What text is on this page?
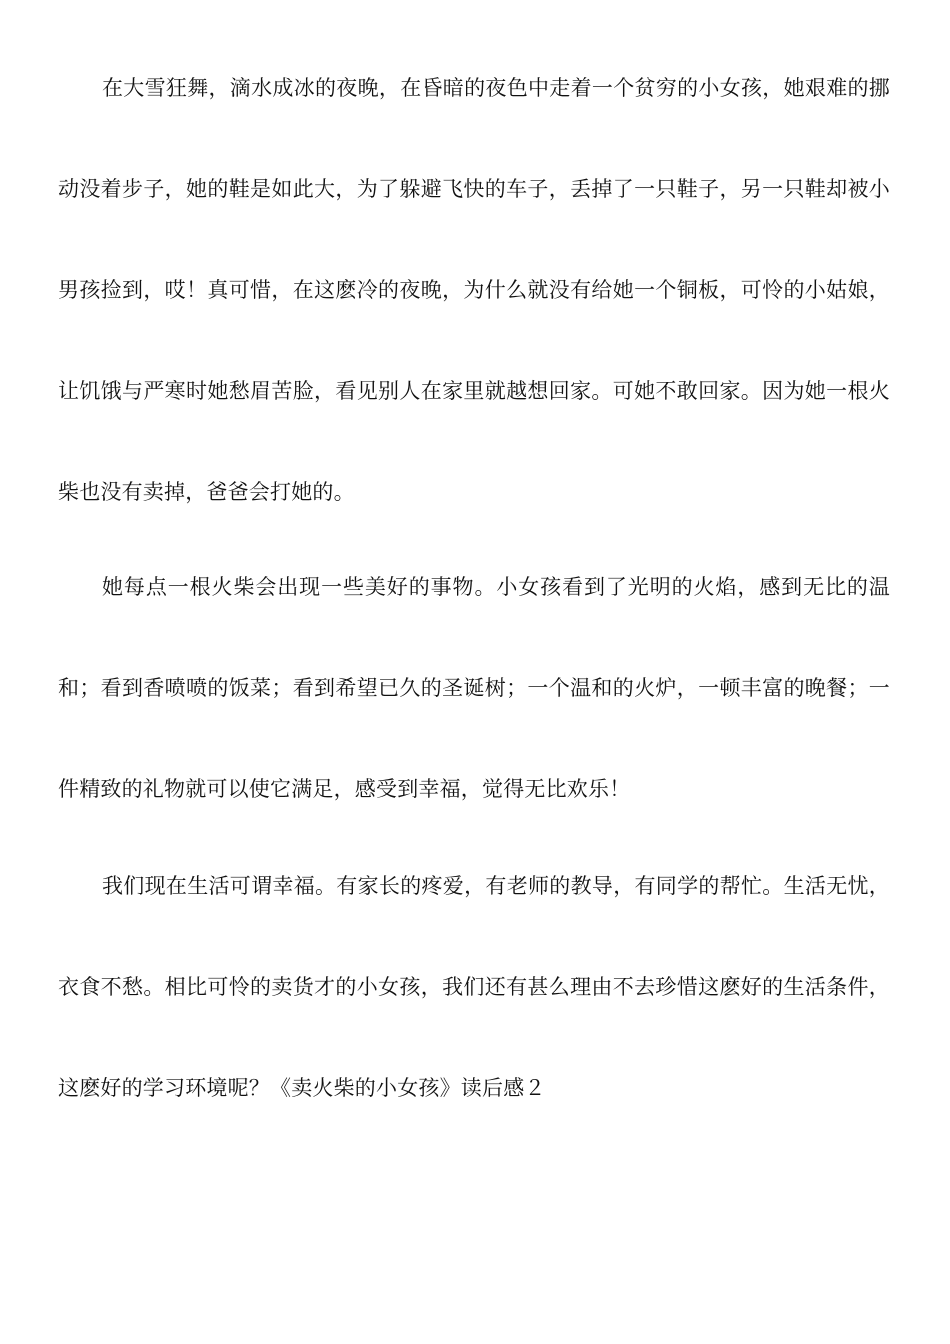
在大雪狂舞，滴水成冰的夜晚，在昏暗的夜色中走着一个贫穷的小女孩，她艰难的挪动没着步子，她的鞋是如此大，为了躲避飞快的车子，丢掉了一只鞋子，另一只鞋却被小男孩捡到，哎！真可惜，在这麽冷的夜晚，为什么就没有给她一个铜板，可怜的小姑娘，让饥饿与严寒时她愁眉苦脸，看见别人在家里就越想回家。可她不敢回家。因为她一根火柴也没有卖掉，爸爸会打她的。

她每点一根火柴会出现一些美好的事物。小女孩看到了光明的火焰，感到无比的温和；看到香喷喷的饭菜；看到希望已久的圣诞树；一个温和的火炉，一顿丰富的晚餐；一件精致的礼物就可以使它满足，感受到幸福，觉得无比欢乐！

我们现在生活可谓幸福。有家长的疼爱，有老师的教导，有同学的帮忙。生活无忧，衣食不愁。相比可怜的卖货才的小女孩，我们还有甚么理由不去珍惜这麽好的生活条件，这麽好的学习环境呢？《卖火柴的小女孩》读后感２
